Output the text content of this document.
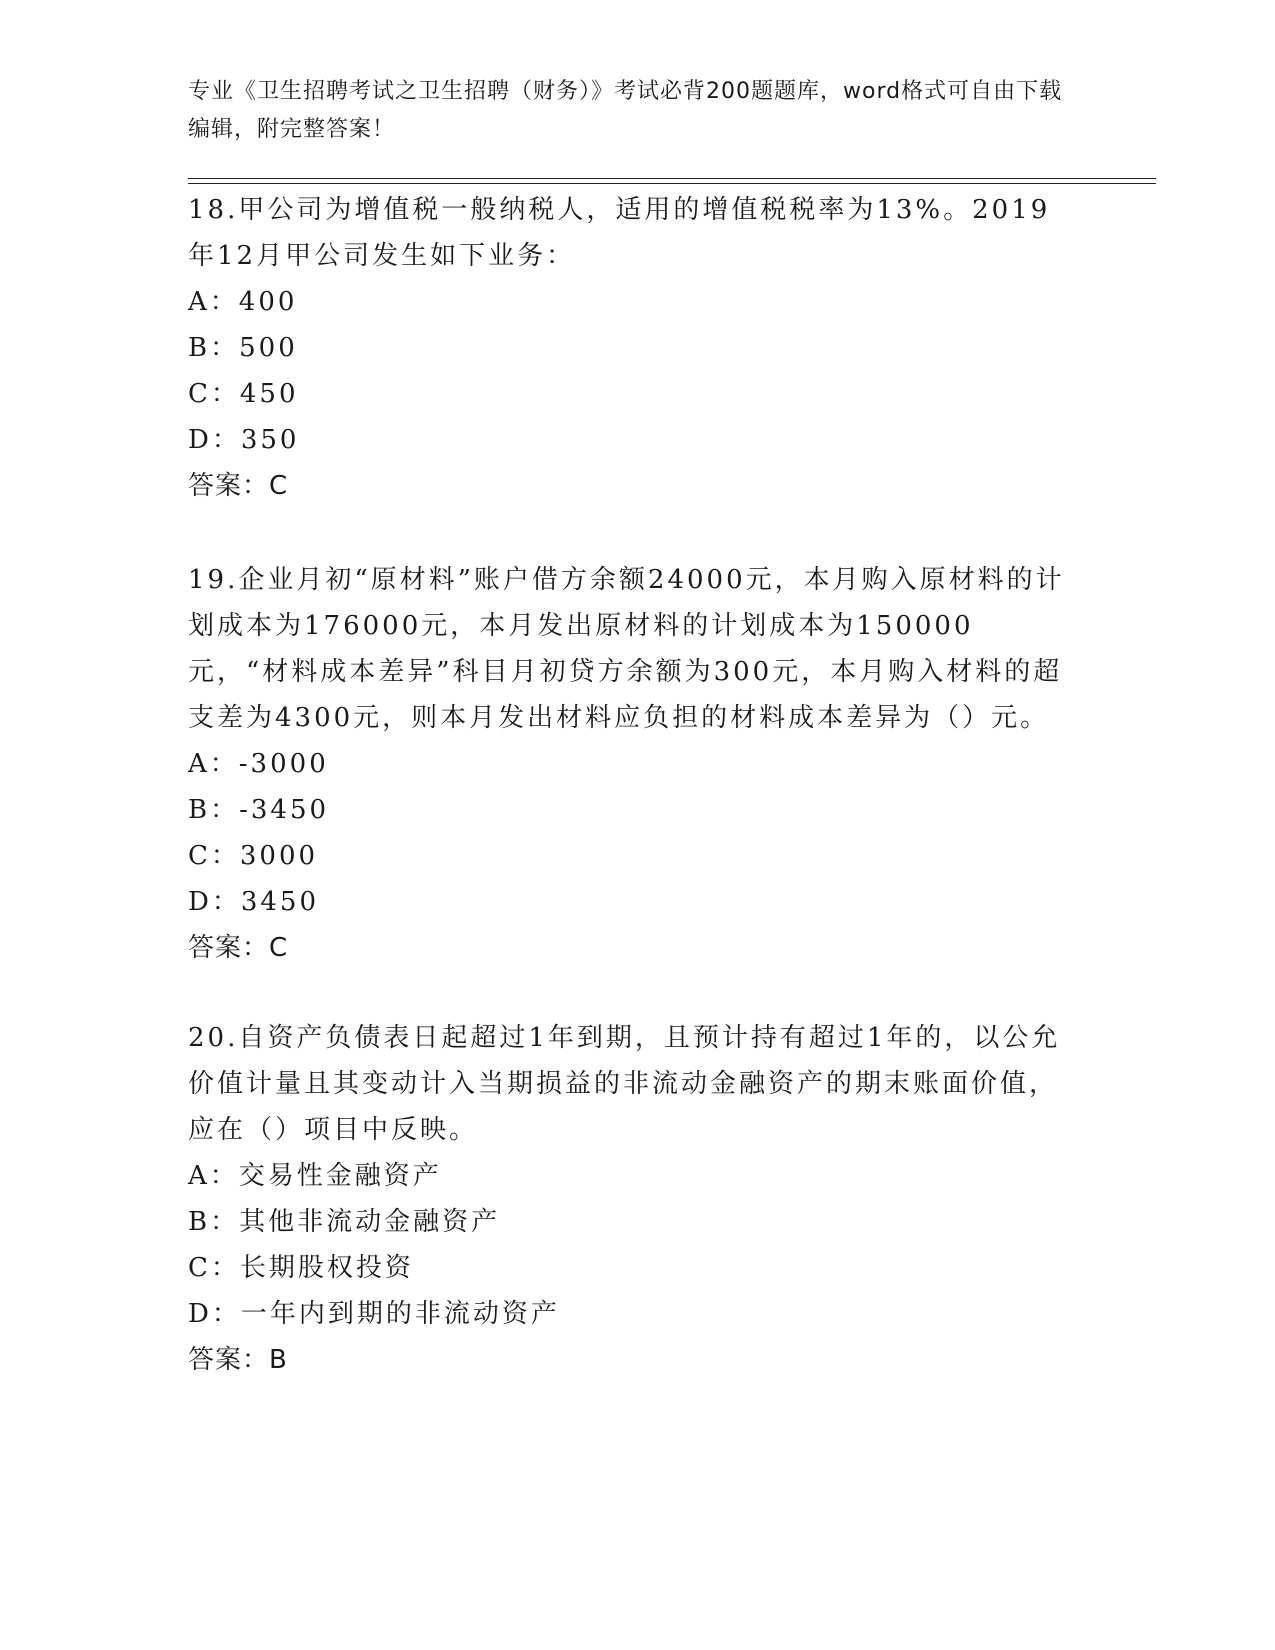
专业《卫生招聘考试之卫生招聘（财务）》考试必背200题题库，word格式可自由下载编辑，附完整答案！

18.甲公司为增值税一般纳税人，适用的增值税税率为13%。2019年12月甲公司发生如下业务：

A：400
B：500
C：450
D：350
答案：C

19.企业月初“原材料”账户借方余额24000元，本月购入原材料的计划成本为176000元，本月发出原材料的计划成本为150000元，“材料成本差异”科目月初贷方余额为300元，本月购入材料的超支差为4300元，则本月发出材料应负担的材料成本差异为（）元。

A：-3000
B：-3450
C：3000
D：3450
答案：C

20.自资产负债表日起超过1年到期，且预计持有超过1年的，以公允价值计量且其变动计入当期损益的非流动金融资产的期末账面价值，应在（）项目中反映。

A：交易性金融资产
B：其他非流动金融资产
C：长期股权投资
D：一年内到期的非流动资产
答案：B
